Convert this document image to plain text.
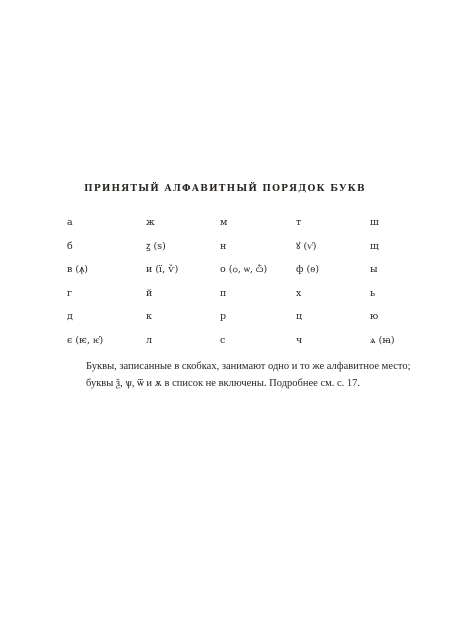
ПРИНЯТЫЙ АЛФАВИТНЫЙ ПОРЯДОК БУКВ
а	ж	м	т	ш
б	ꙁ (ѕ)	н	ꙋ (ѵ҆)	щ
в (ꙟ)	и (ї, ѷ)	о (ѻ, ѡ, ѽ)	ф (ѳ)	ы
г	й	п	х	ь
д	к	р	ц	ю
є (ѥ, ѥ҆)	л	с	ч	ѧ (ꙗ)

Буквы, записанные в скобках, занимают одно и то же алфавитное место;

буквы ѯ, ѱ, ѿ и ѫ в список не включены. Подробнее см. с. 17.
